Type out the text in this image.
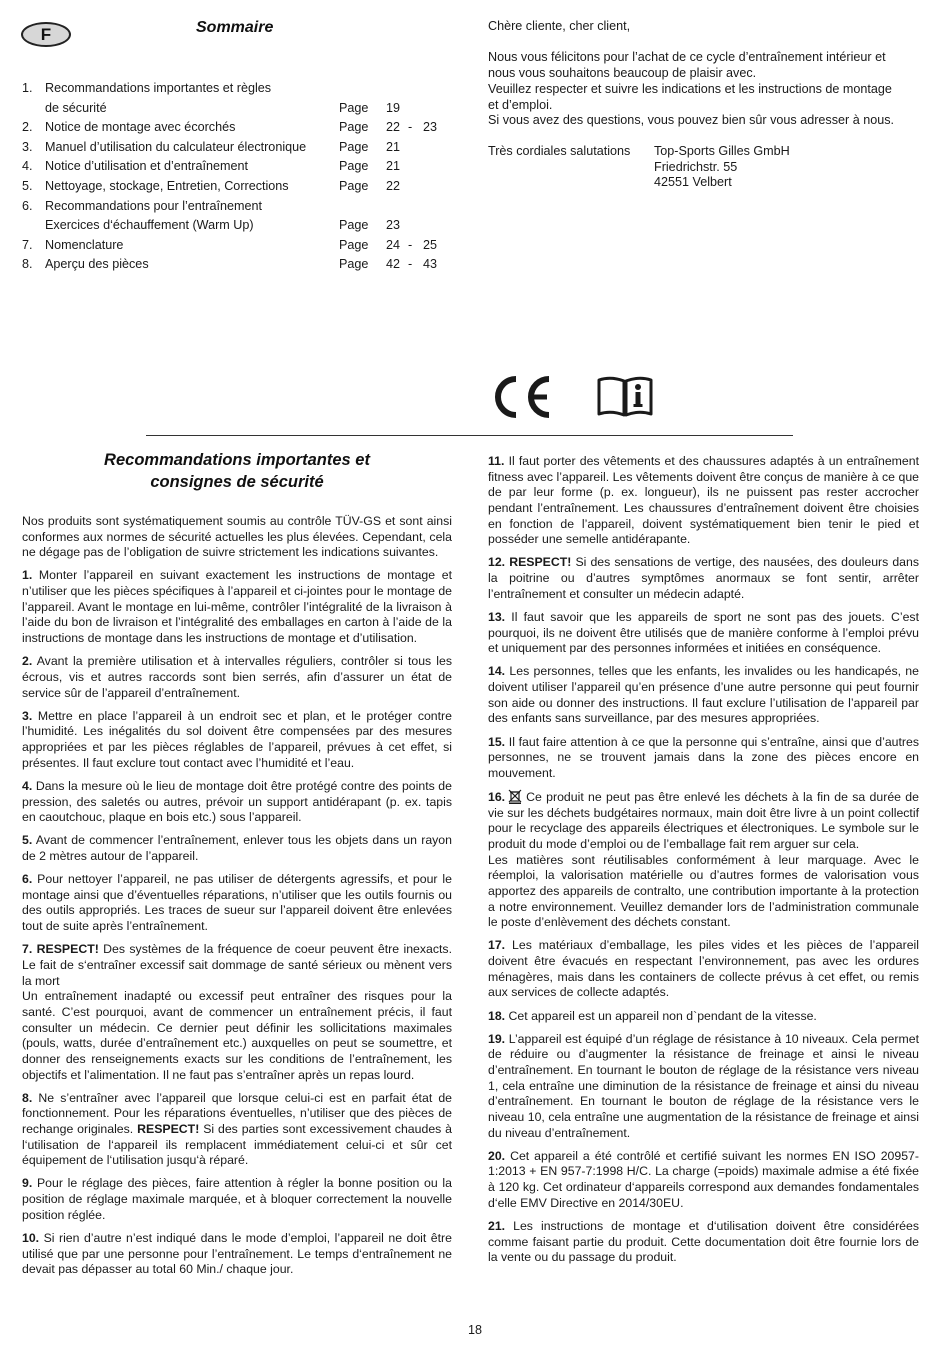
F	Sommaire
1. Recommandations importantes et règles
de sécurité	Page 19
2. Notice de montage avec écorchés	Page 22 - 23
3. Manuel d’utilisation du calculateur électronique	Page 21
4. Notice d’utilisation et d’entraînement	Page 21
5. Nettoyage, stockage, Entretien, Corrections	Page 22
6. Recommandations pour l’entraînement
Exercices d‘échauffement (Warm Up)	Page 23
7. Nomenclature	Page 24 - 25
8. Aperçu des pièces	Page 42 - 43

Chère cliente, cher client,

Nous vous félicitons pour l’achat de ce cycle d’entraînement intérieur et

nous vous souhaitons beaucoup de plaisir avec.

Veuillez respecter et suivre les indications et les instructions de montage

et d’emploi.

Si vous avez des questions, vous pouvez bien sûr vous adresser à nous.

Très cordiales salutations Top-Sports Gilles GmbH
Friedrichstr. 55
42551 Velbert
Recommandations importantes et
consignes de sécurité

Nos produits sont systématiquement soumis au contrôle TÜV-GS et sont ainsi conformes aux normes de sécurité actuelles les plus élevées. Cependant, cela ne dégage pas de l’obligation de suivre strictement les indications suivantes.

1. Monter l’appareil en suivant exactement les instructions de montage et n’utiliser que les pièces spécifiques à l’appareil et ci-jointes pour le montage de l’appareil. Avant le montage en lui-même, contrôler l’intégralité de la livraison à l’aide du bon de livraison et l’intégralité des emballages en carton à l’aide de la instructions de montage dans les instructions de montage et d’utilisation.

2. Avant la première utilisation et à intervalles réguliers, contrôler si tous les écrous, vis et autres raccords sont bien serrés, afin d’assurer un état de service sûr de l’appareil d’entraînement.

3. Mettre en place l’appareil à un endroit sec et plan, et le protéger contre l’humidité. Les inégalités du sol doivent être compensées par des mesures appropriées et par les pièces réglables de l’appareil, prévues à cet effet, si présentes. Il faut exclure tout contact avec l’humidité et l’eau.

4. Dans la mesure où le lieu de montage doit être protégé contre des points de pression, des saletés ou autres, prévoir un support antidérapant (p. ex. tapis en caoutchouc, plaque en bois etc.) sous l’appareil.

5. Avant de commencer l’entraînement, enlever tous les objets dans un rayon de 2 mètres autour de l’appareil.

6. Pour nettoyer l’appareil, ne pas utiliser de détergents agressifs, et pour le montage ainsi que d’éventuelles réparations, n’utiliser que les outils fournis ou des outils appropriés. Les traces de sueur sur l’appareil doivent être enlevées tout de suite après l’entraînement.

7. RESPECT! Des systèmes de la fréquence de coeur peuvent être inexacts. Le fait de s‘entraîner excessif sait dommage de santé sérieux ou mènent vers la mort
Un entraînement inadapté ou excessif peut entraîner des risques pour la santé. C’est pourquoi, avant de commencer un entraînement précis, il faut consulter un médecin. Ce dernier peut définir les sollicitations maximales (pouls, watts, durée d’entraînement etc.) auxquelles on peut se soumettre, et donner des renseignements exacts sur les conditions de l’entraînement, les objectifs et l’alimentation. Il ne faut pas s’entraîner après un repas lourd.

8. Ne s’entraîner avec l’appareil que lorsque celui-ci est en parfait état de fonctionnement. Pour les réparations éventuelles, n’utiliser que des pièces de rechange originales. RESPECT! Si des parties sont excessivement chaudes à l‘utilisation de l‘appareil ils remplacent immédiatement celui-ci et sûr cet équipement de l‘utilisation jusqu‘à réparé.

9. Pour le réglage des pièces, faire attention à régler la bonne position ou la position de réglage maximale marquée, et à bloquer correctement la nouvelle position réglée.

10. Si rien d’autre n’est indiqué dans le mode d’emploi, l’appareil ne doit être utilisé que par une personne pour l’entraînement. Le temps d‘entraînement ne devait pas dépasser au total 60 Min./ chaque jour.

11. Il faut porter des vêtements et des chaussures adaptés à un entraînement fitness avec l’appareil. Les vêtements doivent être conçus de manière à ce que de par leur forme (p. ex. longueur), ils ne puissent pas rester accrocher pendant l’entraînement. Les chaussures d’entraînement doivent être choisies en fonction de l’appareil, doivent systématiquement bien tenir le pied et posséder une semelle antidérapante.

12. RESPECT! Si des sensations de vertige, des nausées, des douleurs dans la poitrine ou d’autres symptômes anormaux se font sentir, arrêter l’entraînement et consulter un médecin adapté.

13. Il faut savoir que les appareils de sport ne sont pas des jouets. C’est pourquoi, ils ne doivent être utilisés que de manière conforme à l’emploi prévu et uniquement par des personnes informées et initiées en conséquence.

14. Les personnes, telles que les enfants, les invalides ou les handicapés, ne doivent utiliser l’appareil qu’en présence d’une autre personne qui peut fournir son aide ou donner des instructions. Il faut exclure l’utilisation de l’appareil par des enfants sans surveillance, par des mesures appropriées.

15. Il faut faire attention à ce que la personne qui s’entraîne, ainsi que d’autres personnes, ne se trouvent jamais dans la zone des pièces encore en mouvement.

16. Ce produit ne peut pas être enlevé les déchets à la fin de sa durée de vie sur les déchets budgétaires normaux, main doit être livre à un point collectif pour le recyclage des appareils électriques et électroniques. Le symbole sur le produit du mode d’emploi ou de l’emballage fait rem arguer sur cela.
Les matières sont réutilisables conformément à leur marquage. Avec le réemploi, la valorisation matérielle ou d’autres formes de valorisation vous apportez des appareils de contralto, une contribution importante à la protection a notre environnement. Veuillez demander lors de l’administration communale le poste d’enlèvement des déchets constant.

17. Les matériaux d’emballage, les piles vides et les pièces de l’appareil doivent être évacués en respectant l’environnement, pas avec les ordures ménagères, mais dans les containers de collecte prévus à cet effet, ou remis aux services de collecte adaptés.

18. Cet appareil est un appareil non d`pendant de la vitesse.

19. L’appareil est équipé d’un réglage de résistance à 10 niveaux. Cela permet de réduire ou d’augmenter la résistance de freinage et ainsi le niveau d’entraînement. En tournant le bouton de réglage de la résistance vers niveau 1, cela entraîne une diminution de la résistance de freinage et ainsi du niveau d’entraînement. En tournant le bouton de réglage de la résistance vers le niveau 10, cela entraîne une augmentation de la résistance de freinage et ainsi du niveau d’entraînement.

20. Cet appareil a été contrôlé et certifié suivant les normes EN ISO 20957-1:2013 + EN 957-7:1998 H/C. La charge (=poids) maximale admise a été fixée à 120 kg. Cet ordinateur d‘appareils correspond aux demandes fondamentales d‘elle EMV Directive en 2014/30EU.

21. Les instructions de montage et d‘utilisation doivent être considérées comme faisant partie du produit. Cette documentation doit être fournie lors de la vente ou du passage du produit.

18
